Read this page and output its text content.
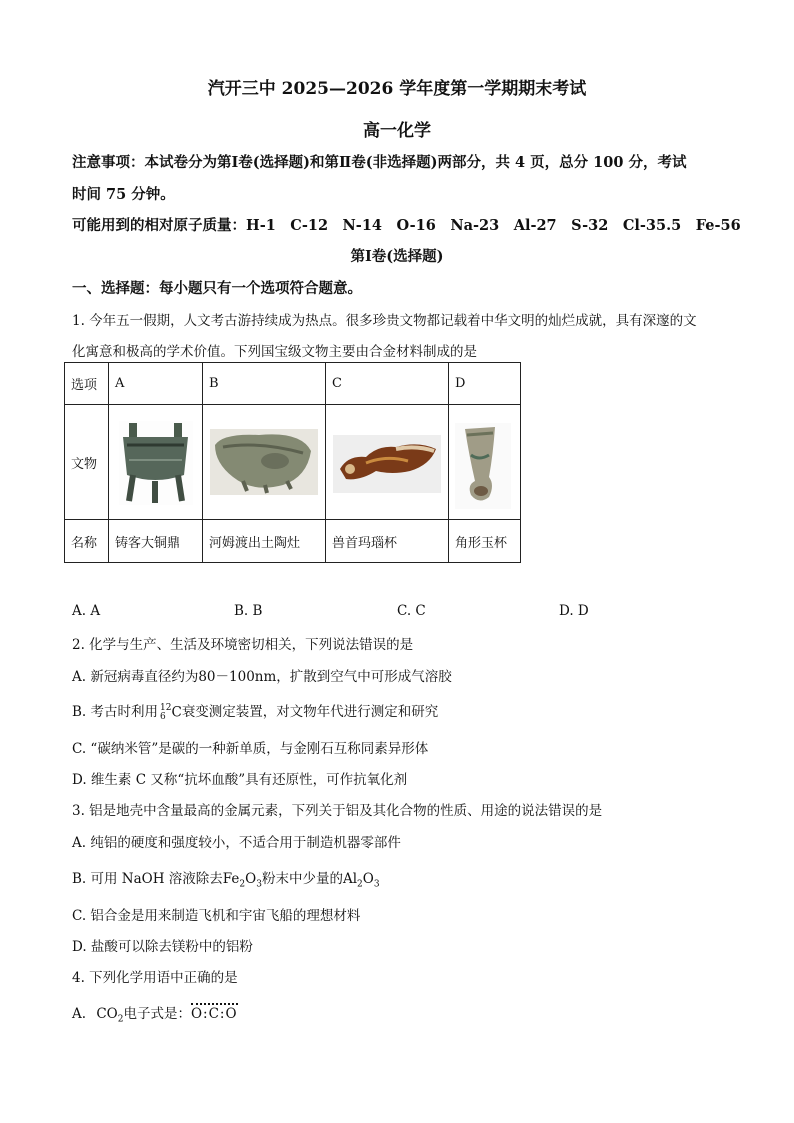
汽开三中 2025—2026 学年度第一学期期末考试
高一化学
注意事项：本试卷分为第Ⅰ卷(选择题)和第Ⅱ卷(非选择题)两部分，共 4 页，总分 100 分，考试
时间 75 分钟。
可能用到的相对原子质量：H-1　C-12　N-14　O-16　Na-23　Al-27　S-32　Cl-35.5　Fe-56
第Ⅰ卷(选择题)
一、选择题：每小题只有一个选项符合题意。
1. 今年五一假期，人文考古游持续成为热点。很多珍贵文物都记载着中华文明的灿烂成就，具有深邃的文
化寓意和极高的学术价值。下列国宝级文物主要由合金材料制成的是
选项	A	B	C	D
文物	

名称	铸客大铜鼎	河姆渡出土陶灶	兽首玛瑙杯	角形玉杯
A. A	B. B	C. C	D. D
2. 化学与生产、生活及环境密切相关，下列说法错误的是
A. 新冠病毒直径约为80－100nm，扩散到空气中可形成气溶胶
B. 考古时利用 12
6 C衰变测定装置，对文物年代进行测定和研究
C. “碳纳米管”是碳的一种新单质，与金刚石互称同素异形体
D. 维生素 C 又称“抗坏血酸”具有还原性，可作抗氧化剂
3. 铝是地壳中含量最高的金属元素，下列关于铝及其化合物的性质、用途的说法错误的是
A. 纯铝的硬度和强度较小，不适合用于制造机器零部件
B. 可用 NaOH 溶液除去$Fe_2O_3$粉末中少量的$Al_2O_3$
C. 铝合金是用来制造飞机和宇宙飞船的理想材料
D. 盐酸可以除去镁粉中的铝粉
4. 下列化学用语中正确的是
A. $CO_2$电子式是：O:C:O
